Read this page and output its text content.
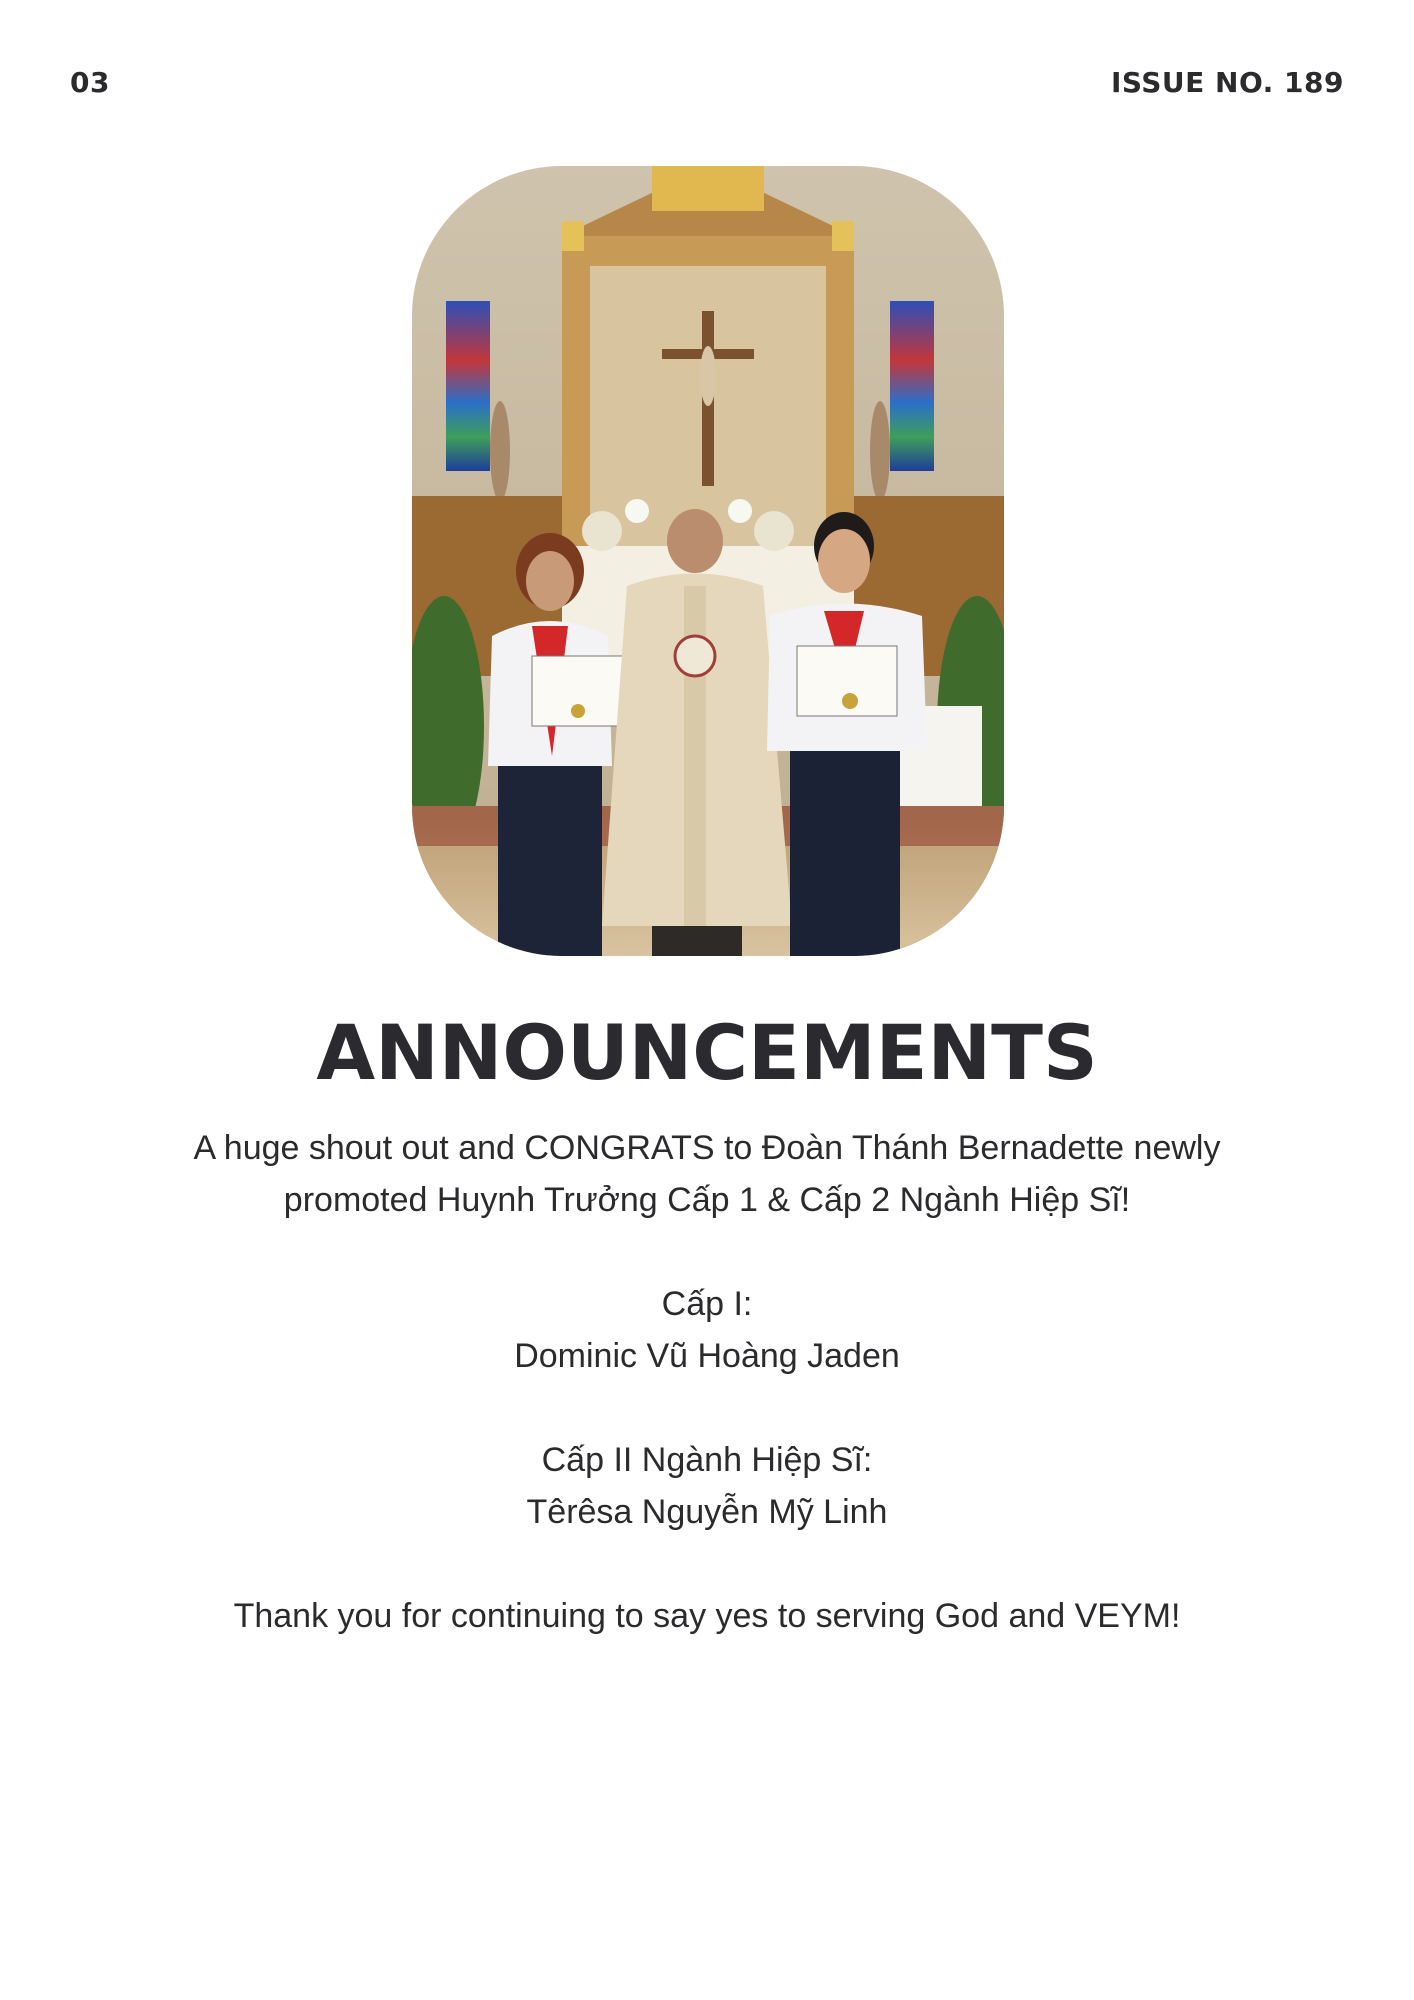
03	ISSUE NO. 189
ANNOUNCEMENTS

A huge shout out and CONGRATS to Đoàn Thánh Bernadette newly

promoted Huynh Trưởng Cấp 1 & Cấp 2 Ngành Hiệp Sĩ!

Cấp I:

Dominic Vũ Hoàng Jaden

Cấp II Ngành Hiệp Sĩ:

Têrêsa Nguyễn Mỹ Linh

Thank you for continuing to say yes to serving God and VEYM!
